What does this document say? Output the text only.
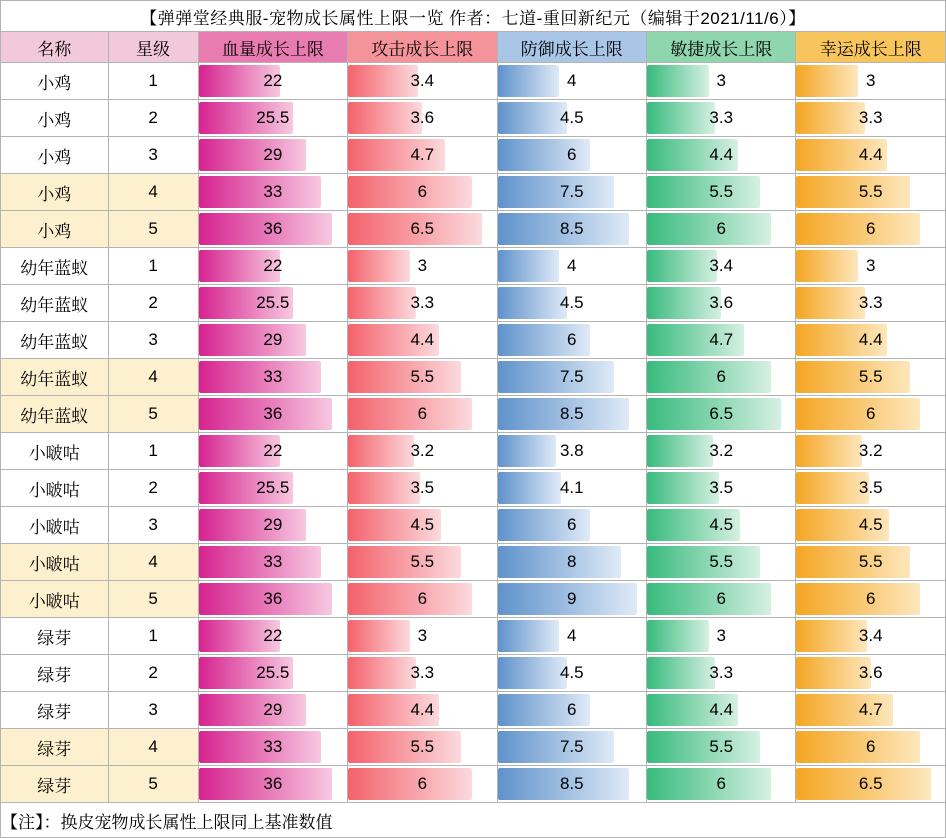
【弹弹堂经典服-宠物成长属性上限一览 作者：七道-重回新纪元（编辑于2021/11/6）】						
名称	星级	血量成长上限	攻击成长上限	防御成长上限	敏捷成长上限	幸运成长上限
小鸡	1	22	3.4	4	3	3

小鸡	2	25.5	3.6	4.5	3.3	3.3

小鸡	3	29	4.7	6	4.4	4.4

小鸡	4	33	6	7.5	5.5	5.5

小鸡	5	36	6.5	8.5	6	6

幼年蓝蚁	1	22	3	4	3.4	3

幼年蓝蚁	2	25.5	3.3	4.5	3.6	3.3

幼年蓝蚁	3	29	4.4	6	4.7	4.4

幼年蓝蚁	4	33	5.5	7.5	6	5.5

幼年蓝蚁	5	36	6	8.5	6.5	6

小啵咕	1	22	3.2	3.8	3.2	3.2

小啵咕	2	25.5	3.5	4.1	3.5	3.5

小啵咕	3	29	4.5	6	4.5	4.5

小啵咕	4	33	5.5	8	5.5	5.5

小啵咕	5	36	6	9	6	6

绿芽	1	22	3	4	3	3.4

绿芽	2	25.5	3.3	4.5	3.3	3.6

绿芽	3	29	4.4	6	4.4	4.7

绿芽	4	33	5.5	7.5	5.5	6

绿芽	5	36	6	8.5	6	6.5

【注】：换皮宠物成长属性上限同上基准数值						
